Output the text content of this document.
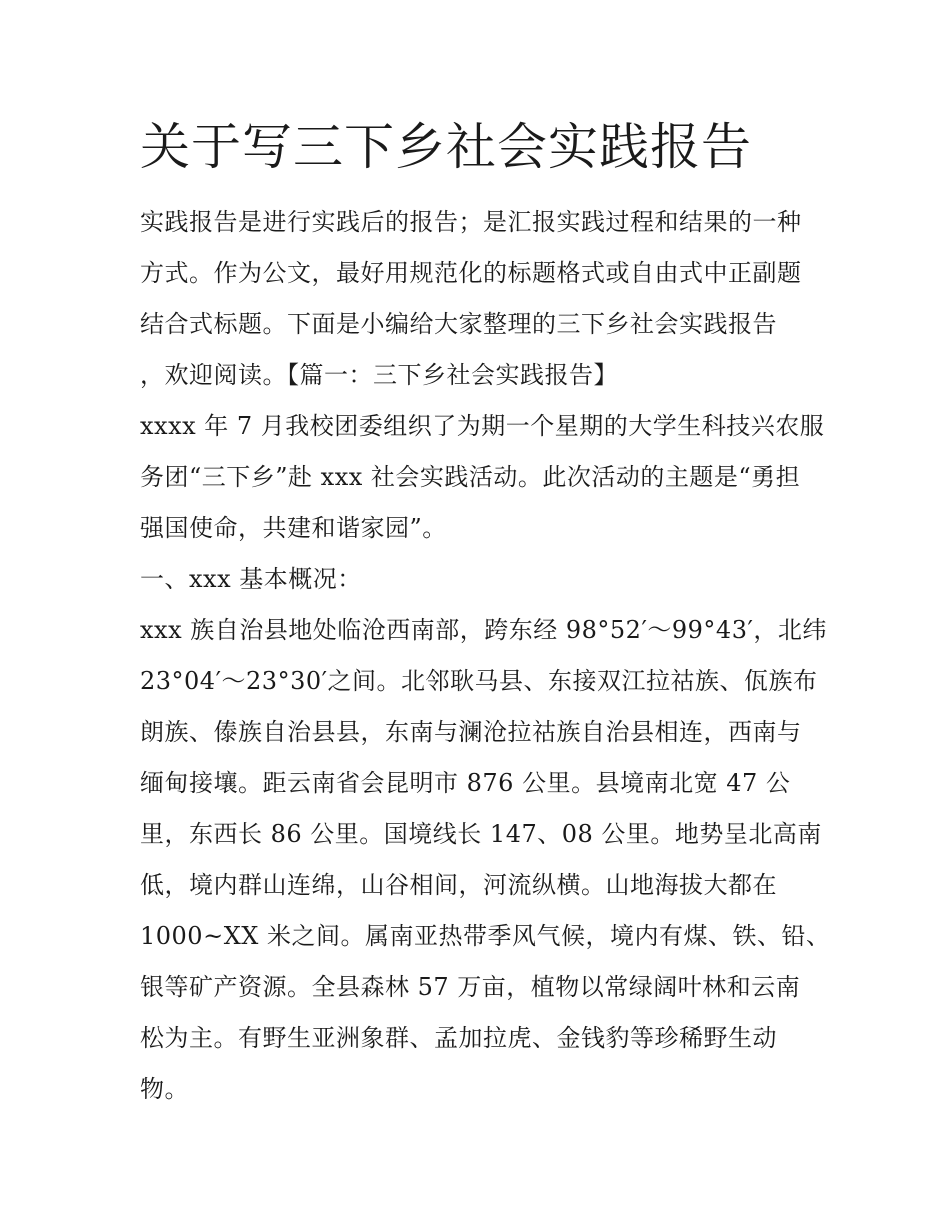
关于写三下乡社会实践报告

实践报告是进行实践后的报告；是汇报实践过程和结果的一种

方式。作为公文，最好用规范化的标题格式或自由式中正副题

结合式标题。下面是小编给大家整理的三下乡社会实践报告

，欢迎阅读。【篇一：三下乡社会实践报告】

xxxx 年 7 月我校团委组织了为期一个星期的大学生科技兴农服

务团“三下乡”赴 xxx 社会实践活动。此次活动的主题是“勇担

强国使命，共建和谐家园”。

一、xxx 基本概况：

xxx 族自治县地处临沧西南部，跨东经 98°52′～99°43′，北纬

23°04′～23°30′之间。北邻耿马县、东接双江拉祜族、佤族布

朗族、傣族自治县县，东南与澜沧拉祜族自治县相连，西南与

缅甸接壤。距云南省会昆明市 876 公里。县境南北宽 47 公

里，东西长 86 公里。国境线长 147、08 公里。地势呈北高南

低，境内群山连绵，山谷相间，河流纵横。山地海拔大都在

1000~XX 米之间。属南亚热带季风气候，境内有煤、铁、铅、

银等矿产资源。全县森林 57 万亩，植物以常绿阔叶林和云南

松为主。有野生亚洲象群、孟加拉虎、金钱豹等珍稀野生动

物。
